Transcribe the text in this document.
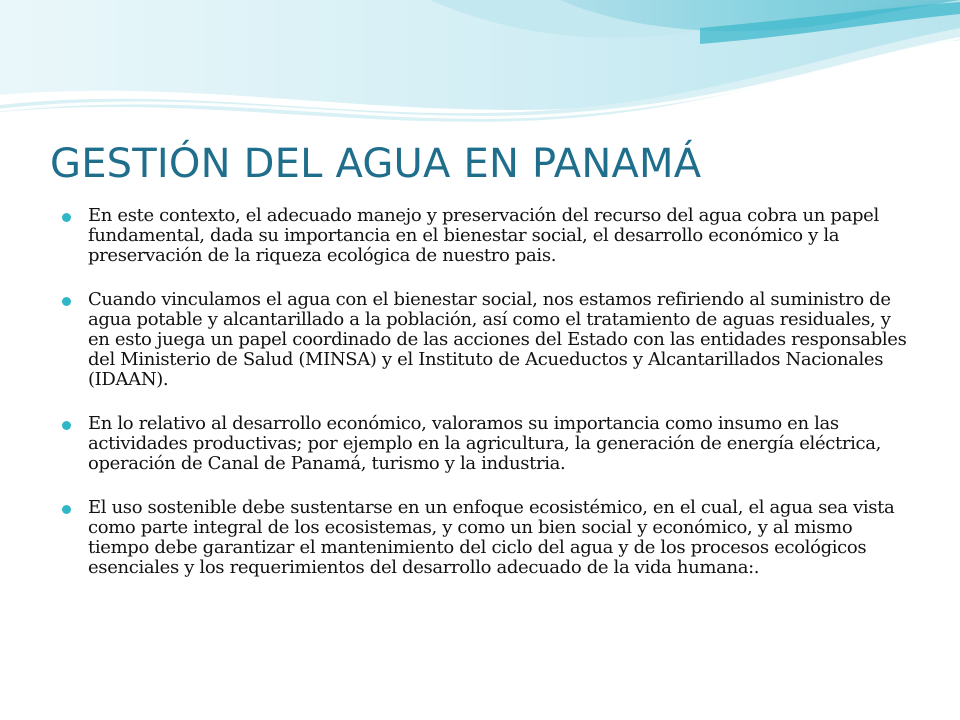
GESTIÓN DEL AGUA EN PANAMÁ
En este contexto, el adecuado manejo y preservación del recurso del agua cobra un papel fundamental, dada su importancia en el bienestar social, el desarrollo económico y la preservación de la riqueza ecológica de nuestro pais.
Cuando vinculamos el agua con el bienestar social, nos estamos refiriendo al suministro de agua potable y alcantarillado a la población, así como el tratamiento de aguas residuales, y en esto juega un papel coordinado de las acciones del Estado con las entidades responsables del Ministerio de Salud (MINSA) y el Instituto de Acueductos y Alcantarillados Nacionales (IDAAN).
En lo relativo al desarrollo económico, valoramos su importancia como insumo en las actividades productivas; por ejemplo en la agricultura, la generación de energía eléctrica, operación de Canal de Panamá, turismo y la industria.
El uso sostenible debe sustentarse en un enfoque ecosistémico, en el cual, el agua sea vista como parte integral de los ecosistemas, y como un bien social y económico, y al mismo tiempo debe garantizar el mantenimiento del ciclo del agua y de los procesos ecológicos esenciales y los requerimientos del desarrollo adecuado de la vida humana:.
